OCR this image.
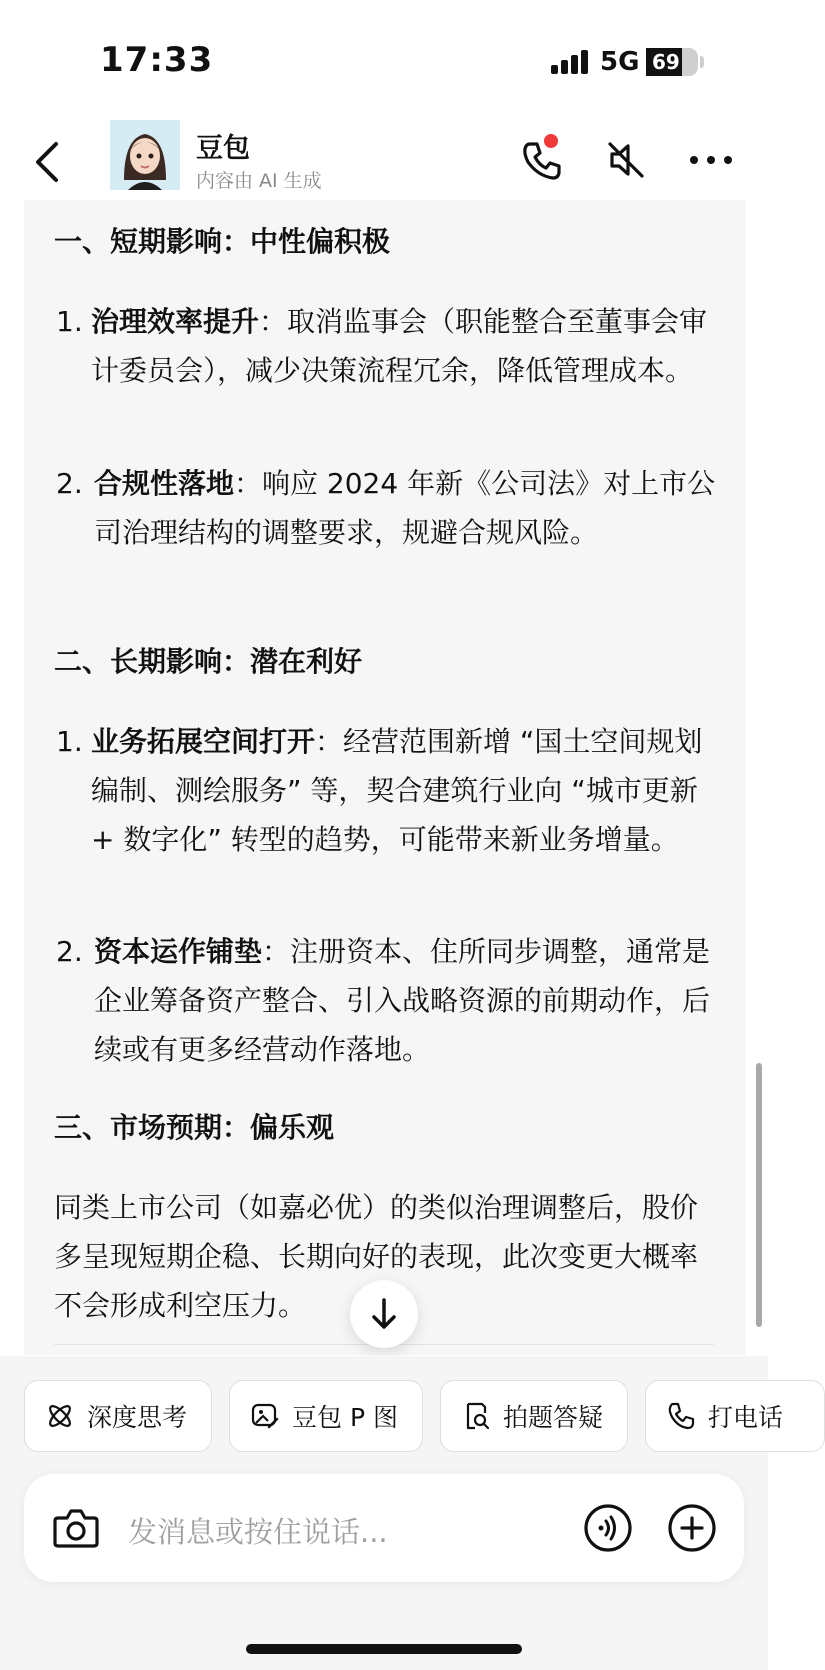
17:33	5G 69
豆包
内容由 AI 生成
一、短期影响：中性偏积极
1. 治理效率提升：取消监事会（职能整合至董事会审计委员会），减少决策流程冗余，降低管理成本。
2. 合规性落地：响应 2024 年新《公司法》对上市公司治理结构的调整要求，规避合规风险。
二、长期影响：潜在利好
1. 业务拓展空间打开：经营范围新增 “国土空间规划编制、测绘服务” 等，契合建筑行业向 “城市更新 + 数字化” 转型的趋势，可能带来新业务增量。
2. 资本运作铺垫：注册资本、住所同步调整，通常是企业筹备资产整合、引入战略资源的前期动作，后续或有更多经营动作落地。
三、市场预期：偏乐观
同类上市公司（如嘉必优）的类似治理调整后，股价多呈现短期企稳、长期向好的表现，此次变更大概率不会形成利空压力。
深度思考	豆包 P 图	拍题答疑	打电话
发消息或按住说话...
